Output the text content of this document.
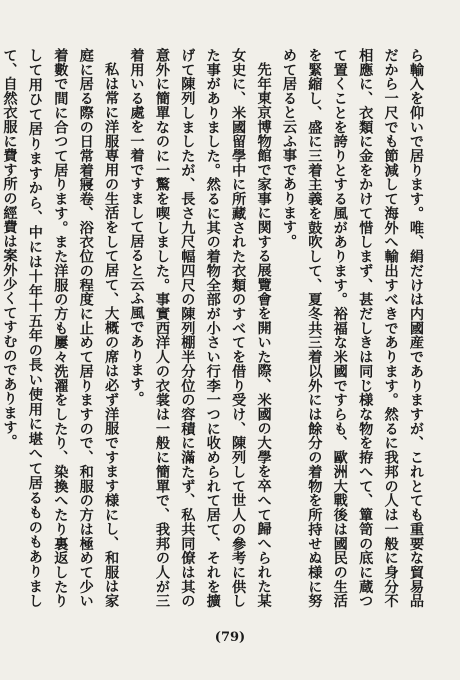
ら輸入を仰いで居ります。唯、絹だけは内國産でありますが、これとても重要な貿易品だから一尺でも節減して海外へ輸出すべきであります。然るに我邦の人は一般に身分不相應に、衣類に金をかけて惜しまず、甚だしきは同じ様な物を拵へて、簞笥の底に蔵つて置くことを誇りとする風があります。裕福な米國ですらも、歐洲大戰後は國民の生活を緊縮し、盛に三着主義を鼓吹して、夏冬共三着以外には餘分の着物を所持せぬ様に努めて居ると云ふ事であります。

先年東京博物館で家事に関する展覽會を開いた際、米國の大學を卒へて歸へられた某女史に、米國留學中に所藏された衣類のすべてを借り受け、陳列して世人の參考に供した事がありました。然るに其の着物全部が小さい行李一つに收められて居て、それを擴げて陳列しましたが、長さ九尺幅四尺の陳列棚半分位の容積に滿たず、私共同僚は其の意外に簡單なのに一驚を喫しました。事實西洋人の衣裳は一般に簡單で、我邦の人が三着用いる處を一着ですまして居ると云ふ風であります。

私は常に洋服専用の生活をして居て、大概の席は必ず洋服ですます様にし、和服は家庭に居る際の日常着寢卷、浴衣位の程度に止めて居りますので、和服の方は極めて少い着數で間に合つて居ります。また洋服の方も屢々洗濯をしたり、染換へたり裏返したりして用ひて居りますから、中には十年十五年の長い使用に堪へて居るものもありまして、自然衣服に費す所の經費は案外少くてすむのであります。

(79)
